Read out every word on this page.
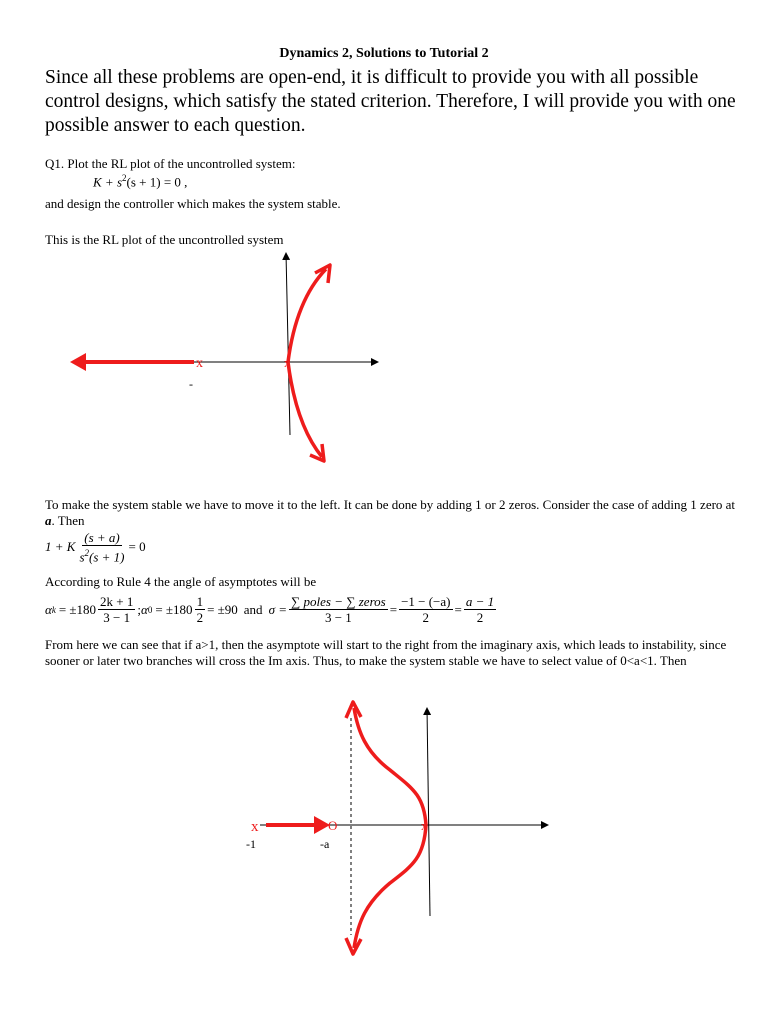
Dynamics 2, Solutions to Tutorial 2
Since all these problems are open-end, it is difficult to provide you with all possible control designs, which satisfy the stated criterion. Therefore, I will provide you with one possible answer to each question.
Q1. Plot the RL plot of the uncontrolled system:
$K + s^2(s + 1) = 0$ ,
and design the controller which makes the system stable.
This is the RL plot of the uncontrolled system
x	x
-
To make the system stable we have to move it to the left. It can be done by adding 1 or 2 zeros. Consider the case of adding 1 zero at a. Then
1 + K $\frac{(s + a)}{s^2(s + 1)} = 0$
According to Rule 4 the angle of asymptotes will be
α $k = \pm 180 \frac{2k + 1}{3 - 1}$ ; α $0 = \pm 180 \frac{1}{2} = \pm 90$ and $\sigma = \frac{\text{∑ poles − ∑ zeros}}{3 - 1} = \frac{-1 - (-a)}{2} = \frac{a - 1}{2}$
From here we can see that if a>1, then the asymptote will start to the right from the imaginary axis, which leads to instability, since sooner or later two branches will cross the Im axis. Thus, to make the system stable we have to select value of 0<a<1. Then
x	O	x
-1	-a
